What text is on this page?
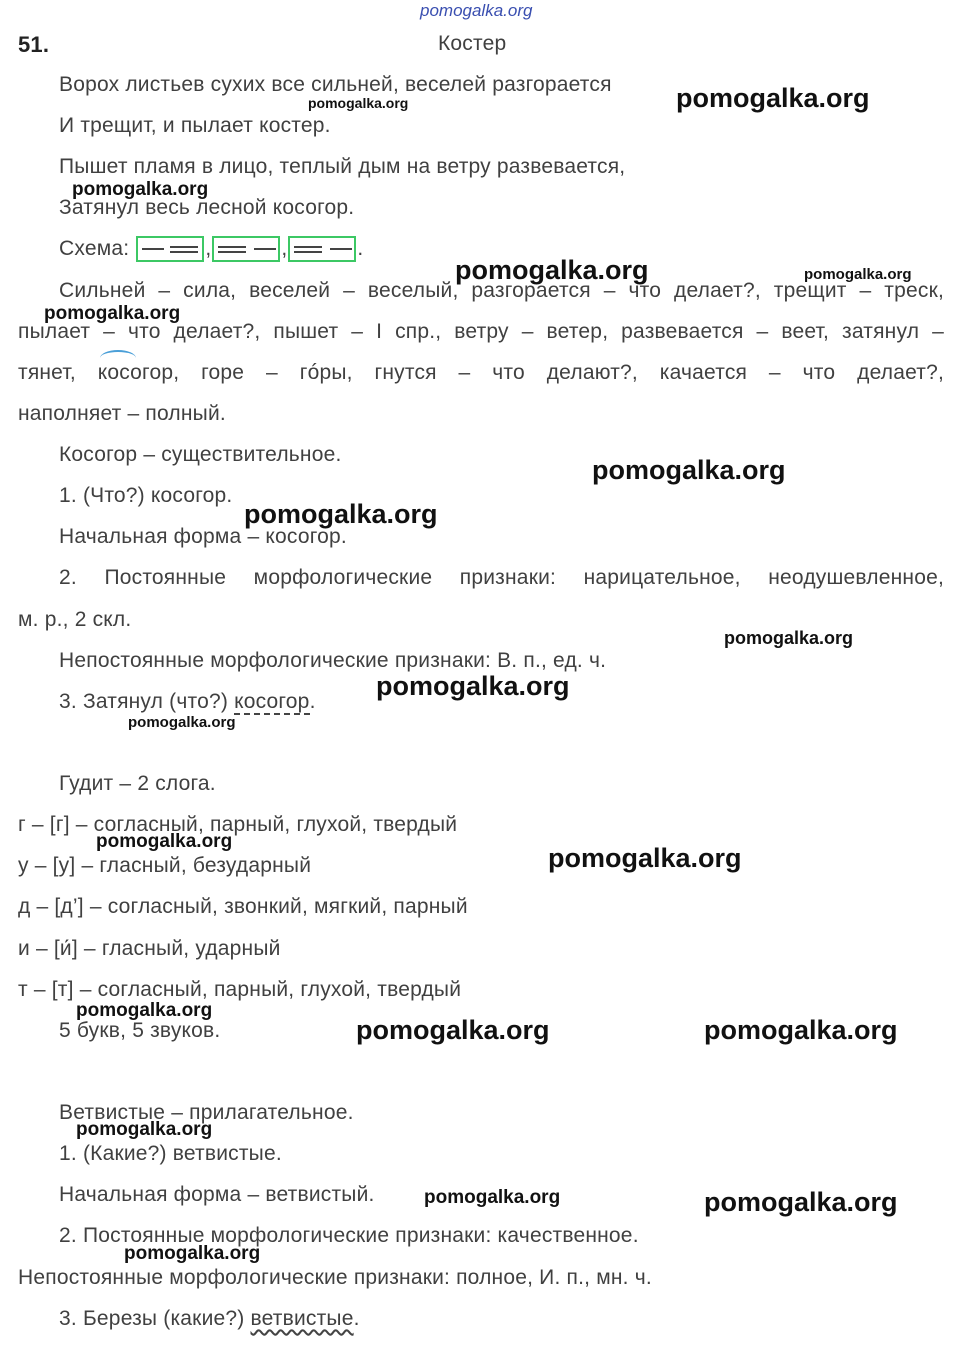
pomogalka.org
51.	Костер
Ворох листьев сухих все сильней, веселей разгорается
И трещит, и пылает костер.
Пышет пламя в лицо, теплый дым на ветру развевается,
Затянул весь лесной косогор.
Схема:	,	,	.
Сильней – сила, веселей – веселый, разгорается – что делает?, трещит – треск,
пылает – что делает?, пышет – I спр., ветру – ветер, развевается – веет, затянул –
тянет, косогор, горе – гóры, гнутся – что делают?, качается – что делает?,
наполняет – полный.
Косогор – существительное.
1. (Что?) косогор.
Начальная форма – косогор.
2. Постоянные морфологические признаки: нарицательное, неодушевленное,
м. р., 2 скл.
Непостоянные морфологические признаки: В. п., ед. ч.
3. Затянул (что?) косогор.
Гудит – 2 слога.
г – [г] – согласный, парный, глухой, твердый
у – [у] – гласный, безударный
д – [д’] – согласный, звонкий, мягкий, парный
и – [и́] – гласный, ударный
т – [т] – согласный, парный, глухой, твердый
5 букв, 5 звуков.
Ветвистые – прилагательное.
1. (Какие?) ветвистые.
Начальная форма – ветвистый.
2. Постоянные морфологические признаки: качественное.
Непостоянные морфологические признаки: полное, И. п., мн. ч.
3. Березы (какие?) ветвистые.
pomogalka.org
pomogalka.org
pomogalka.org
pomogalka.org	pomogalka.org
pomogalka.org
pomogalka.org
pomogalka.org
pomogalka.org
pomogalka.org
pomogalka.org
pomogalka.org
pomogalka.org
pomogalka.org
pomogalka.org	pomogalka.org
pomogalka.org
pomogalka.org	pomogalka.org
pomogalka.org
